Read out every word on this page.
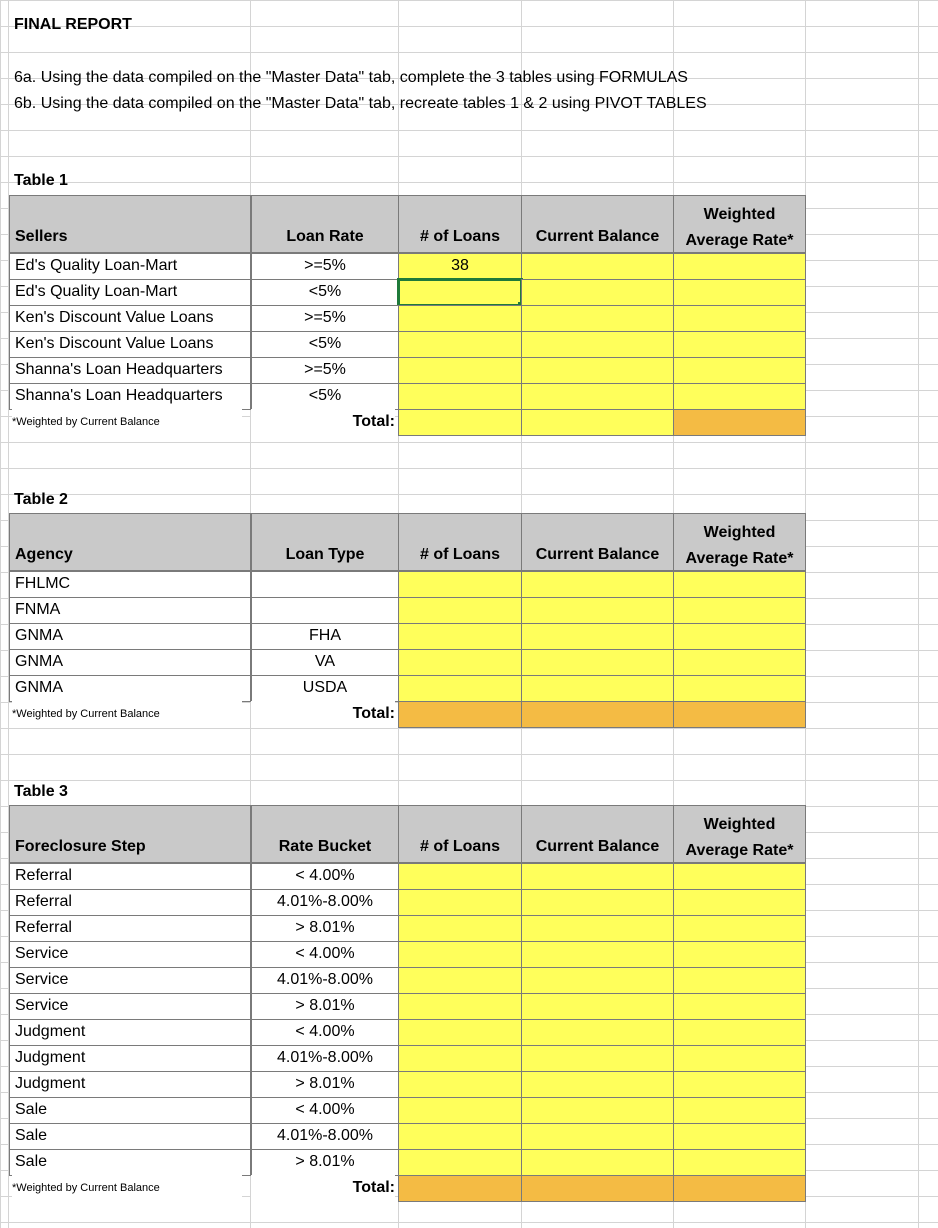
FINAL REPORT
6a. Using the data compiled on the "Master Data" tab, complete the 3 tables using FORMULAS
6b. Using the data compiled on the "Master Data" tab, recreate tables 1 & 2 using PIVOT TABLES
Table 1
Sellers	Loan Rate	# of Loans	Current Balance
Weighted
Average Rate*
Ed's Quality Loan-Mart	>=5%	38
Ed's Quality Loan-Mart	<5%
Ken's Discount Value Loans	>=5%
Ken's Discount Value Loans	<5%
Shanna's Loan Headquarters	>=5%
Shanna's Loan Headquarters	<5%
*Weighted by Current Balance	Total:
Table 2
Agency	Loan Type	# of Loans	Current Balance
Weighted
Average Rate*
FHLMC
FNMA
GNMA	FHA
GNMA	VA
GNMA	USDA
*Weighted by Current Balance	Total:
Table 3
Foreclosure Step	Rate Bucket	# of Loans	Current Balance
Weighted
Average Rate*
Referral	< 4.00%
Referral	4.01%-8.00%
Referral	> 8.01%
Service	< 4.00%
Service	4.01%-8.00%
Service	> 8.01%
Judgment	< 4.00%
Judgment	4.01%-8.00%
Judgment	> 8.01%
Sale	< 4.00%
Sale	4.01%-8.00%
Sale	> 8.01%
*Weighted by Current Balance	Total:
